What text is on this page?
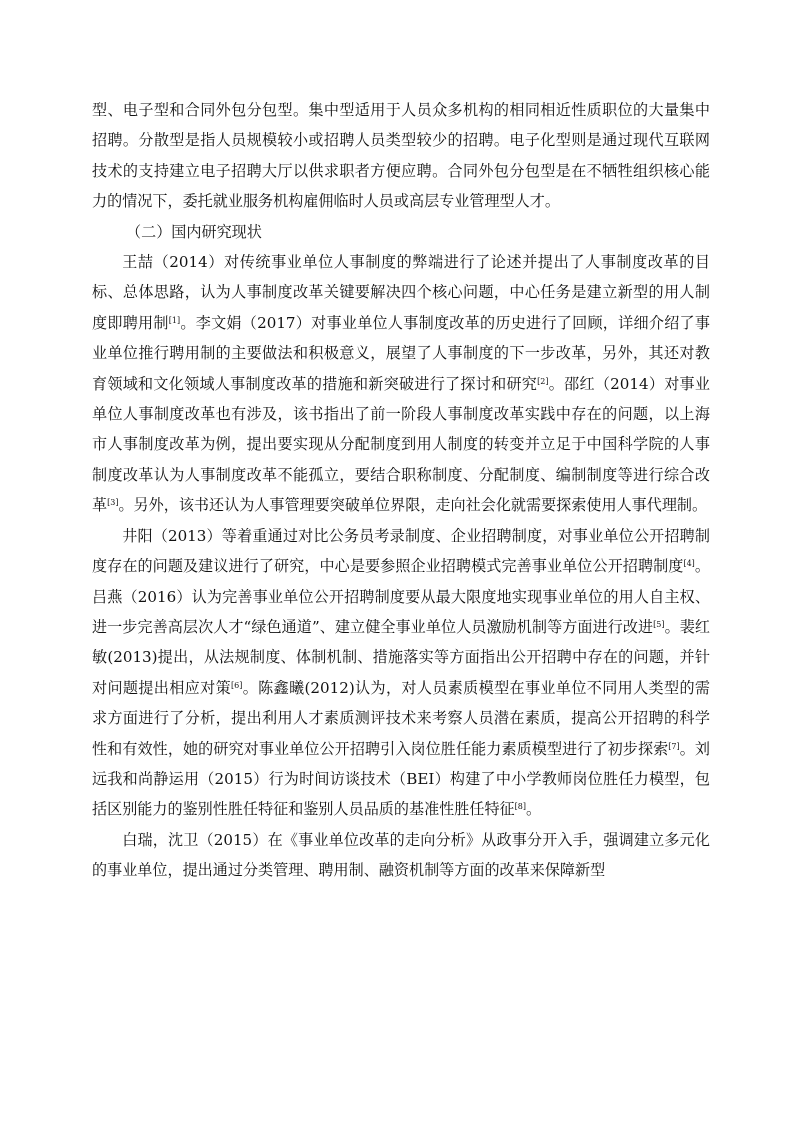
型、电子型和合同外包分包型。集中型适用于人员众多机构的相同相近性质职位的大量集中招聘。分散型是指人员规模较小或招聘人员类型较少的招聘。电子化型则是通过现代互联网技术的支持建立电子招聘大厅以供求职者方便应聘。合同外包分包型是在不牺牲组织核心能力的情况下，委托就业服务机构雇佣临时人员或高层专业管理型人才。

（二）国内研究现状

王喆（2014）对传统事业单位人事制度的弊端进行了论述并提出了人事制度改革的目标、总体思路，认为人事制度改革关键要解决四个核心问题，中心任务是建立新型的用人制度即聘用制[1]。李文娟（2017）对事业单位人事制度改革的历史进行了回顾，详细介绍了事业单位推行聘用制的主要做法和积极意义，展望了人事制度的下一步改革，另外，其还对教育领域和文化领域人事制度改革的措施和新突破进行了探讨和研究[2]。邵红（2014）对事业单位人事制度改革也有涉及，该书指出了前一阶段人事制度改革实践中存在的问题，以上海市人事制度改革为例，提出要实现从分配制度到用人制度的转变并立足于中国科学院的人事制度改革认为人事制度改革不能孤立，要结合职称制度、分配制度、编制制度等进行综合改革[3]。另外，该书还认为人事管理要突破单位界限，走向社会化就需要探索使用人事代理制。

井阳（2013）等着重通过对比公务员考录制度、企业招聘制度，对事业单位公开招聘制度存在的问题及建议进行了研究，中心是要参照企业招聘模式完善事业单位公开招聘制度[4]。吕燕（2016）认为完善事业单位公开招聘制度要从最大限度地实现事业单位的用人自主权、进一步完善高层次人才“绿色通道”、建立健全事业单位人员激励机制等方面进行改进[5]。裴红敏(2013)提出，从法规制度、体制机制、措施落实等方面指出公开招聘中存在的问题，并针对问题提出相应对策[6]。陈鑫曦(2012)认为，对人员素质模型在事业单位不同用人类型的需求方面进行了分析，提出利用人才素质测评技术来考察人员潜在素质，提高公开招聘的科学性和有效性，她的研究对事业单位公开招聘引入岗位胜任能力素质模型进行了初步探索[7]。刘远我和尚静运用（2015）行为时间访谈技术（BEI）构建了中小学教师岗位胜任力模型，包括区别能力的鉴别性胜任特征和鉴别人员品质的基准性胜任特征[8]。

白瑞，沈卫（2015）在《事业单位改革的走向分析》从政事分开入手，强调建立多元化的事业单位，提出通过分类管理、聘用制、融资机制等方面的改革来保障新型
